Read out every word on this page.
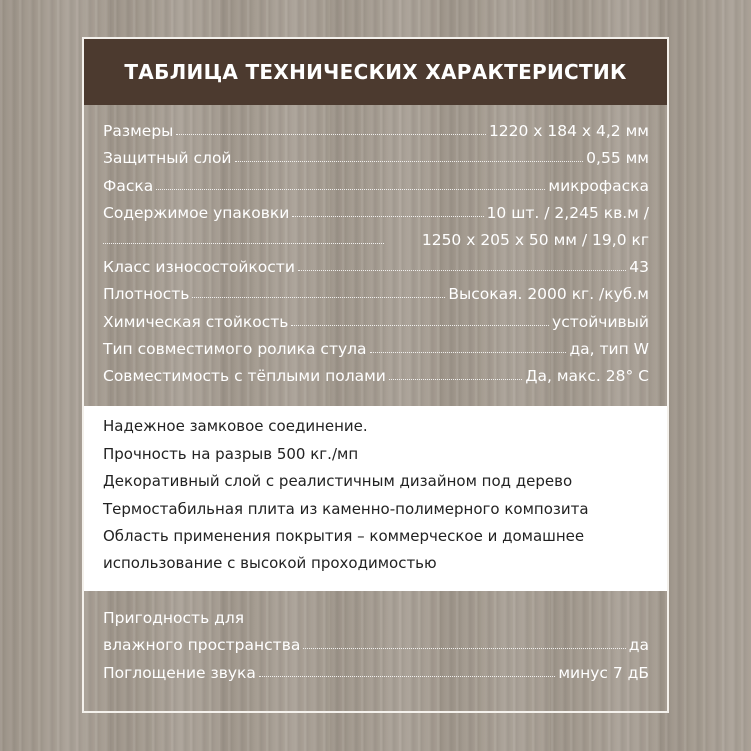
ТАБЛИЦА ТЕХНИЧЕСКИХ ХАРАКТЕРИСТИК
Размеры	1220 х 184 х 4,2 мм
Защитный слой	0,55 мм
Фаска	микрофаска
Содержимое упаковки	10 шт. / 2,245 кв.м /
1250 х 205 х 50 мм / 19,0 кг
Класс износостойкости	43
Плотность	Высокая. 2000 кг. /куб.м
Химическая стойкость	устойчивый
Тип совместимого ролика стула	да, тип W
Совместимость с тёплыми полами	Да, макс. 28° С
Надежное замковое соединение.
Прочность на разрыв 500 кг./мп
Декоративный слой с реалистичным дизайном под дерево
Термостабильная плита из каменно-полимерного композита
Область применения покрытия – коммерческое и домашнее
использование с высокой проходимостью
Пригодность для
влажного пространства	да
Поглощение звука	минус 7 дБ
